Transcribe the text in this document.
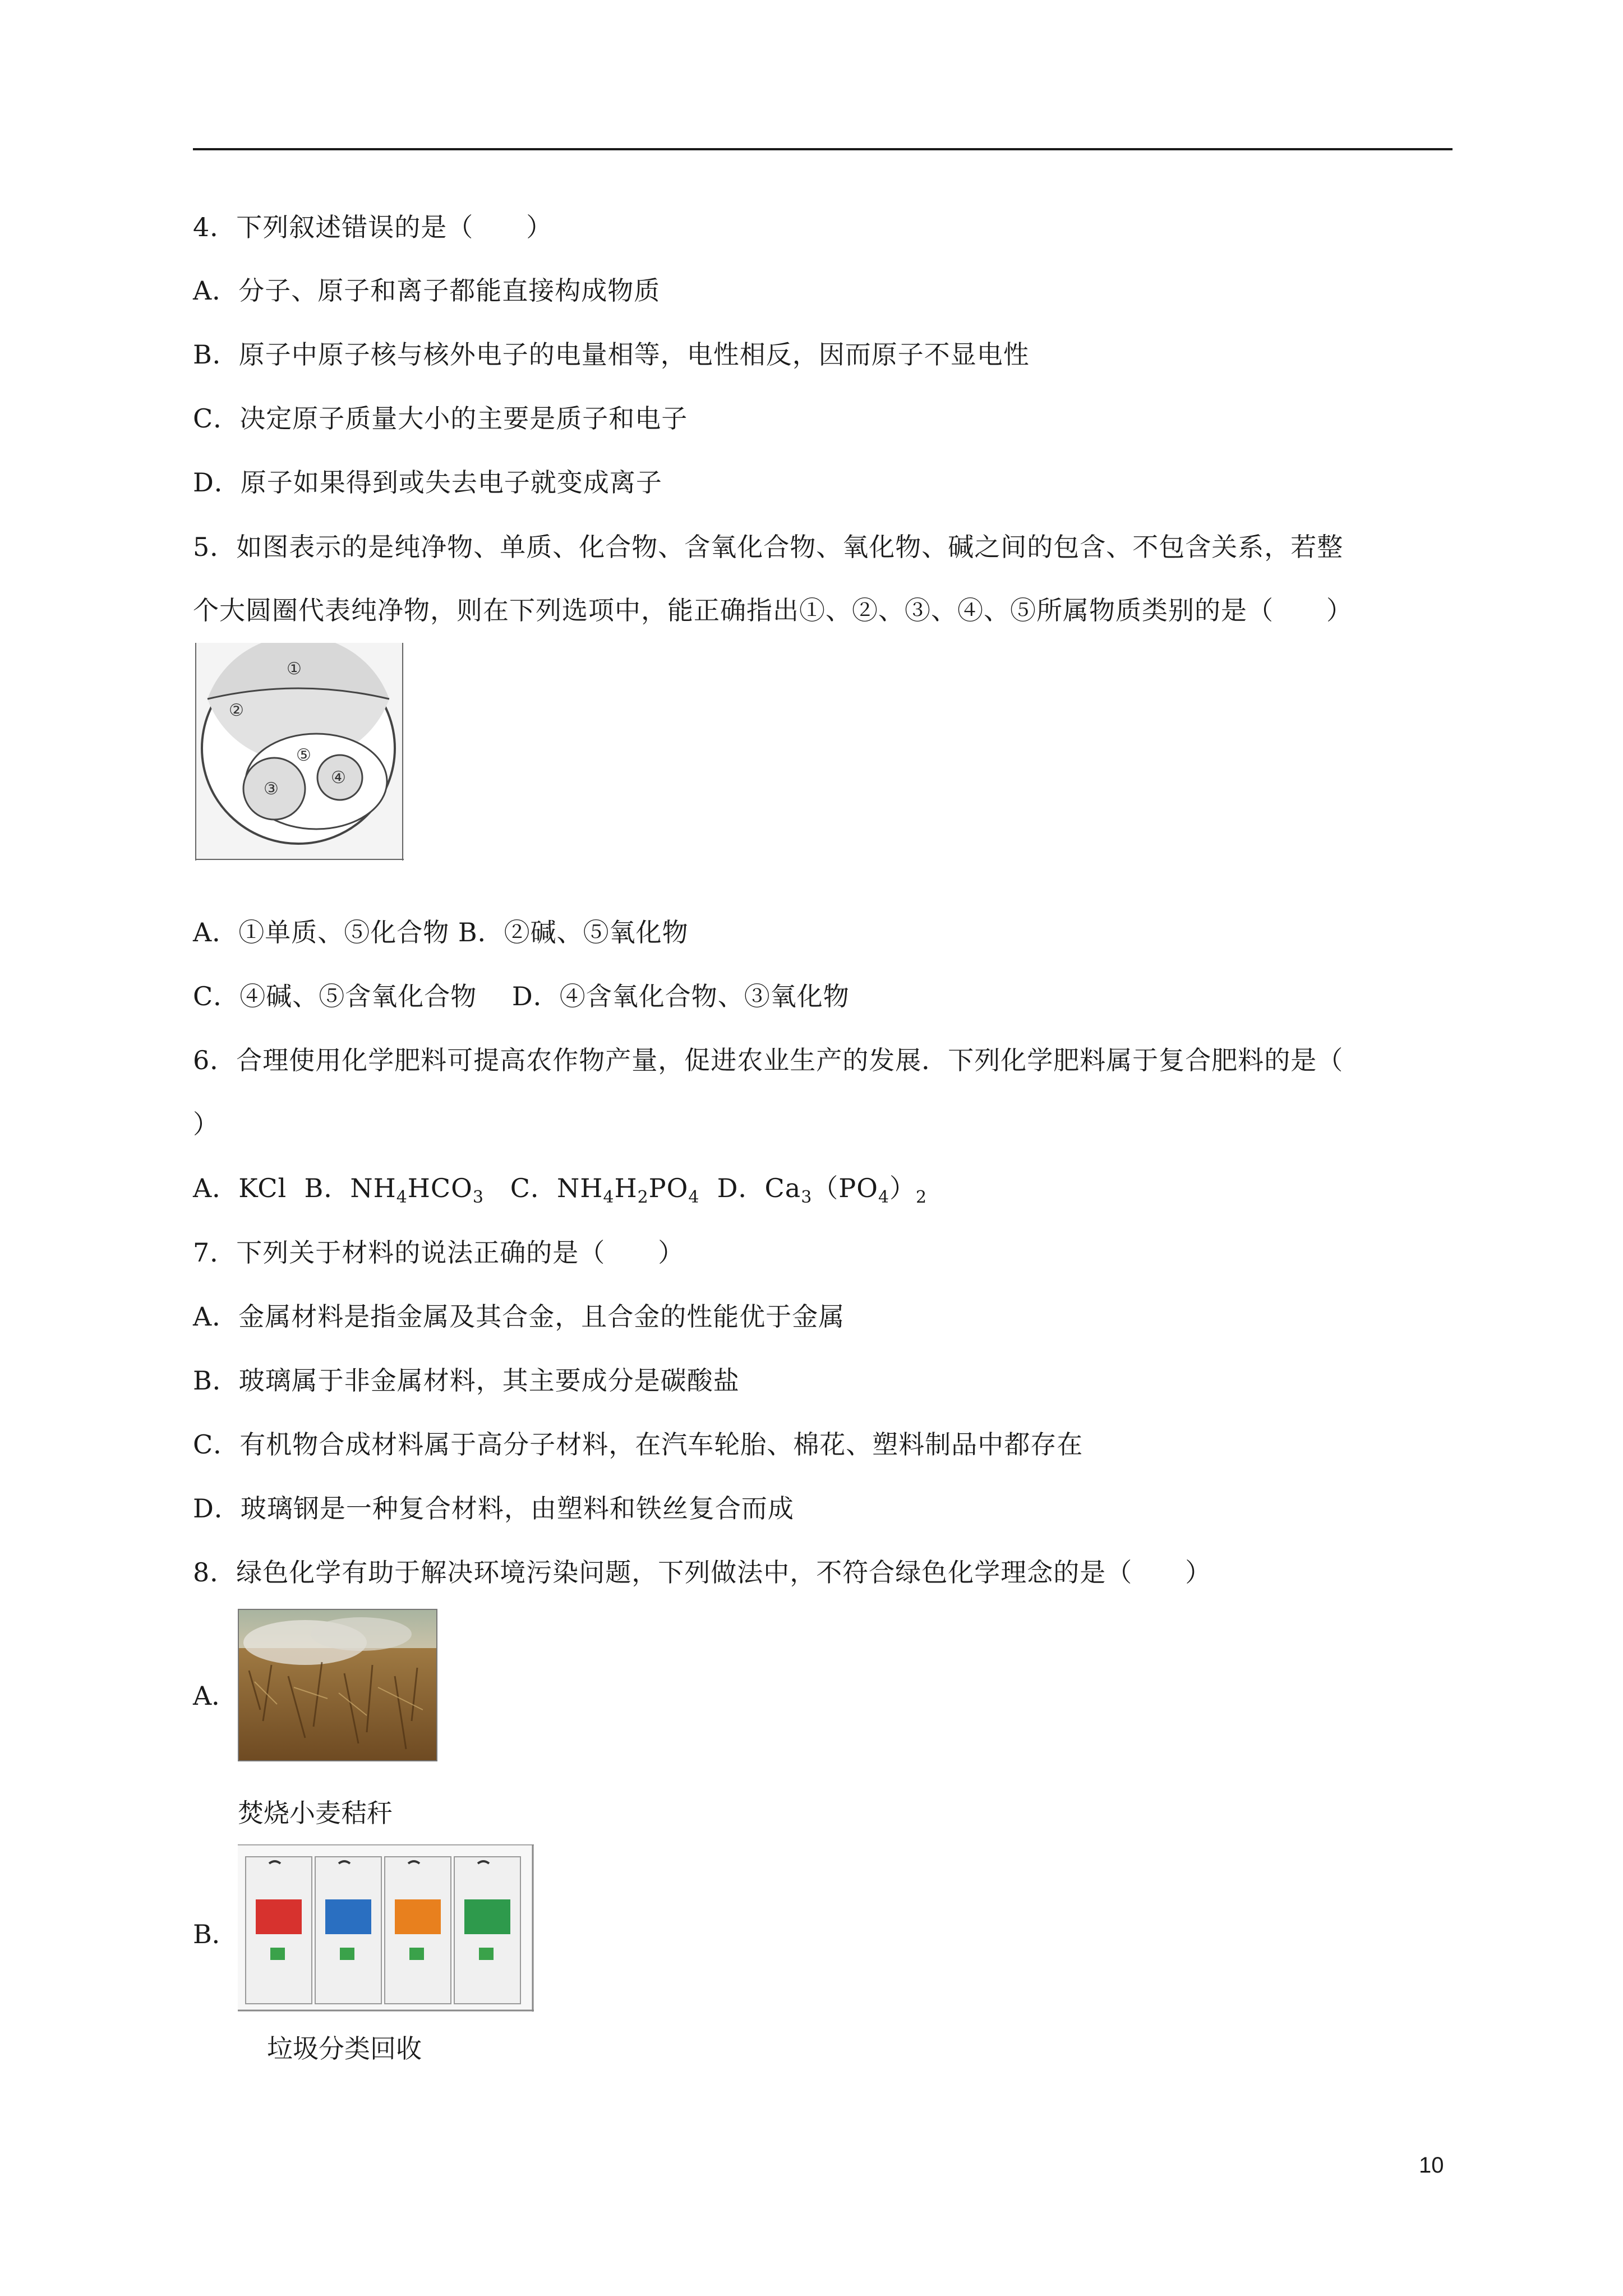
4．下列叙述错误的是（　　）
A．分子、原子和离子都能直接构成物质
B．原子中原子核与核外电子的电量相等，电性相反，因而原子不显电性
C．决定原子质量大小的主要是质子和电子
D．原子如果得到或失去电子就变成离子
5．如图表示的是纯净物、单质、化合物、含氧化合物、氧化物、碱之间的包含、不包含关系，若整
个大圆圈代表纯净物，则在下列选项中，能正确指出①、②、③、④、⑤所属物质类别的是（　　）
①
②
③
④
⑤
A．①单质、⑤化合物 B．②碱、⑤氧化物
C．④碱、⑤含氧化合物　 D．④含氧化合物、③氧化物
6．合理使用化学肥料可提高农作物产量，促进农业生产的发展．下列化学肥料属于复合肥料的是（
）
A．KCl B．$NH_4HCO_3$ C．$NH_4H_2PO_4$ D．$Ca_3(PO_4)_2$
7．下列关于材料的说法正确的是（　　）
A．金属材料是指金属及其合金，且合金的性能优于金属
B．玻璃属于非金属材料，其主要成分是碳酸盐
C．有机物合成材料属于高分子材料，在汽车轮胎、棉花、塑料制品中都存在
D．玻璃钢是一种复合材料，由塑料和铁丝复合而成
8．绿色化学有助于解决环境污染问题，下列做法中，不符合绿色化学理念的是（　　）
A．
焚烧小麦秸秆
B．
垃圾分类回收
10
